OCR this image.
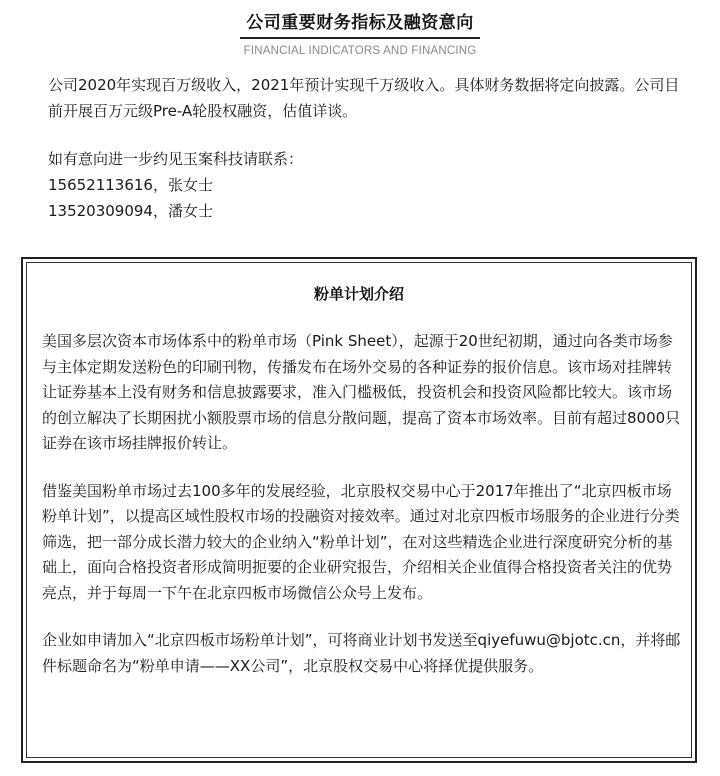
公司重要财务指标及融资意向
FINANCIAL INDICATORS AND FINANCING

公司2020年实现百万级收入，2021年预计实现千万级收入。具体财务数据将定向披露。公司目前开展百万元级Pre-A轮股权融资，估值详谈。

如有意向进一步约见玉案科技请联系：

15652113616，张女士

13520309094，潘女士

粉单计划介绍

美国多层次资本市场体系中的粉单市场（Pink Sheet），起源于20世纪初期，通过向各类市场参与主体定期发送粉色的印刷刊物，传播发布在场外交易的各种证券的报价信息。该市场对挂牌转让证券基本上没有财务和信息披露要求，准入门槛极低，投资机会和投资风险都比较大。该市场的创立解决了长期困扰小额股票市场的信息分散问题，提高了资本市场效率。目前有超过8000只证券在该市场挂牌报价转让。

借鉴美国粉单市场过去100多年的发展经验，北京股权交易中心于2017年推出了“北京四板市场粉单计划”，以提高区域性股权市场的投融资对接效率。通过对北京四板市场服务的企业进行分类筛选，把一部分成长潜力较大的企业纳入“粉单计划”，在对这些精选企业进行深度研究分析的基础上，面向合格投资者形成简明扼要的企业研究报告，介绍相关企业值得合格投资者关注的优势亮点，并于每周一下午在北京四板市场微信公众号上发布。

企业如申请加入“北京四板市场粉单计划”，可将商业计划书发送至qiyefuwu@bjotc.cn，并将邮件标题命名为“粉单申请——XX公司”，北京股权交易中心将择优提供服务。
